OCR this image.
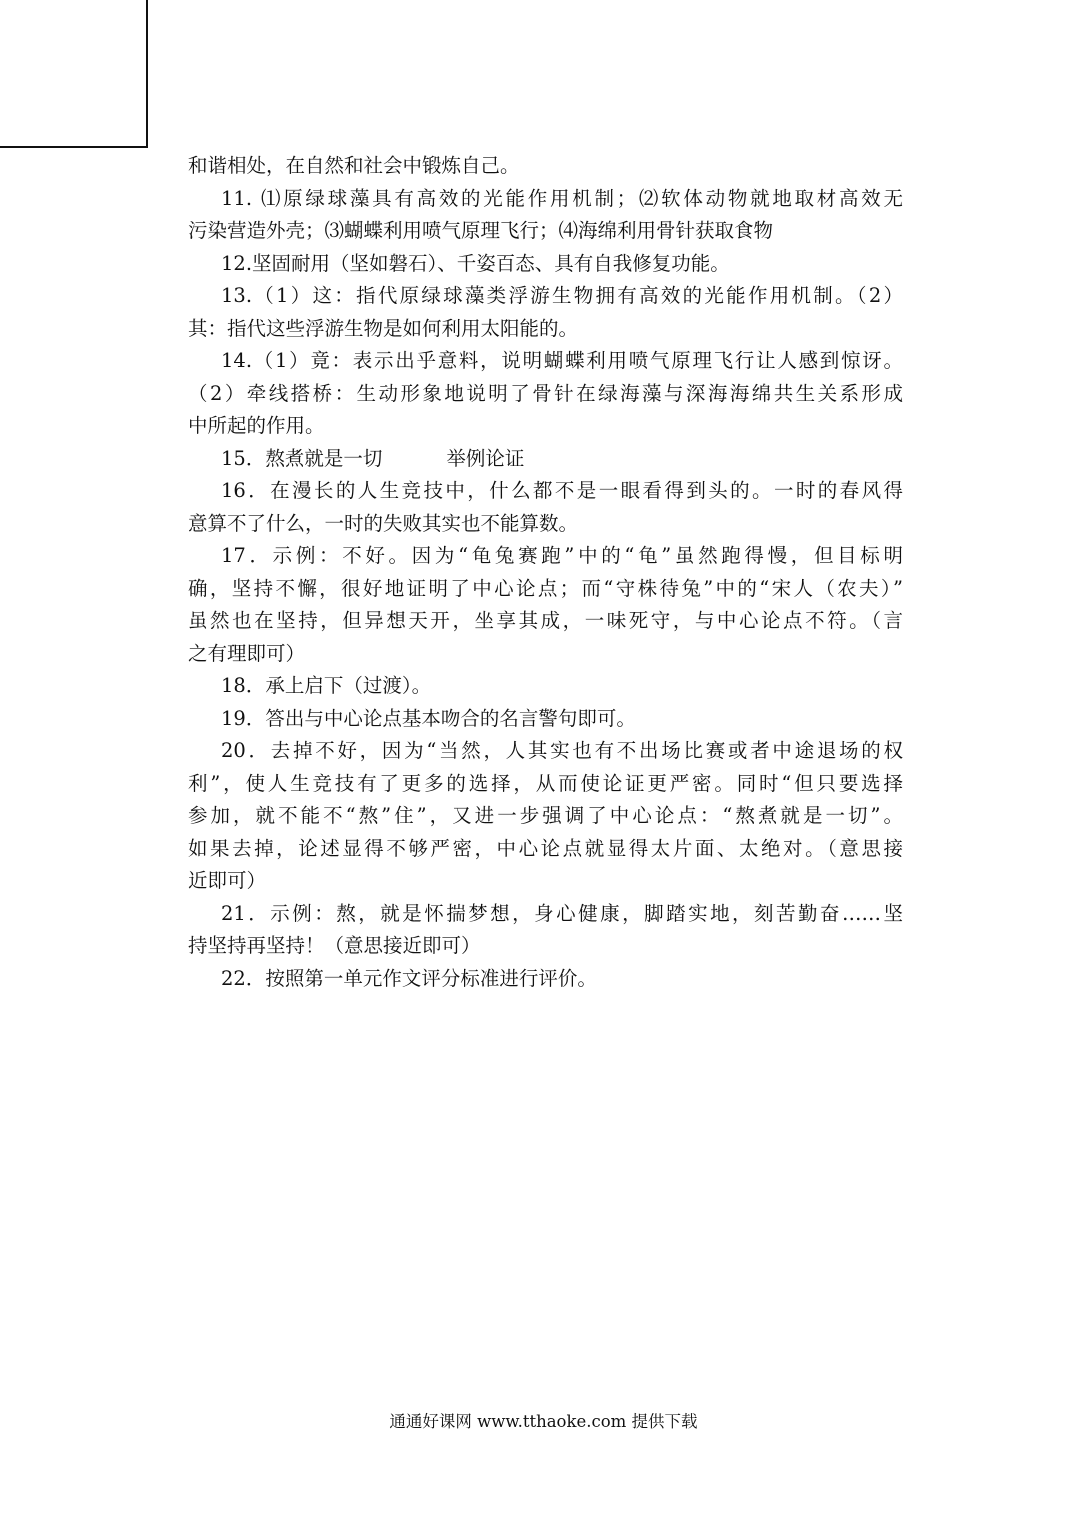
和谐相处，在自然和社会中锻炼自己。
11. ⑴原绿球藻具有高效的光能作用机制；⑵软体动物就地取材高效无
污染营造外壳；⑶蝴蝶利用喷气原理飞行；⑷海绵利用骨针获取食物
12.坚固耐用（坚如磐石）、千姿百态、具有自我修复功能。
13.（1）这：指代原绿球藻类浮游生物拥有高效的光能作用机制。（2）
其：指代这些浮游生物是如何利用太阳能的。
14.（1）竟：表示出乎意料，说明蝴蝶利用喷气原理飞行让人感到惊讶。
（2）牵线搭桥：生动形象地说明了骨针在绿海藻与深海海绵共生关系形成
中所起的作用。
15．熬煮就是一切	举例论证
16．在漫长的人生竞技中，什么都不是一眼看得到头的。一时的春风得
意算不了什么，一时的失败其实也不能算数。
17．示例：不好。因为“龟兔赛跑”中的“龟”虽然跑得慢，但目标明
确，坚持不懈，很好地证明了中心论点；而“守株待兔”中的“宋人（农夫）”
虽然也在坚持，但异想天开，坐享其成，一味死守，与中心论点不符。（言
之有理即可）
18．承上启下（过渡）。
19．答出与中心论点基本吻合的名言警句即可。
20．去掉不好，因为“当然，人其实也有不出场比赛或者中途退场的权
利”，使人生竞技有了更多的选择，从而使论证更严密。同时“但只要选择
参加，就不能不“熬”住”，又进一步强调了中心论点：“熬煮就是一切”。
如果去掉，论述显得不够严密，中心论点就显得太片面、太绝对。（意思接
近即可）
21．示例：熬，就是怀揣梦想，身心健康，脚踏实地，刻苦勤奋……坚
持坚持再坚持！（意思接近即可）
22．按照第一单元作文评分标准进行评价。
通通好课网 www.tthaoke.com 提供下载
